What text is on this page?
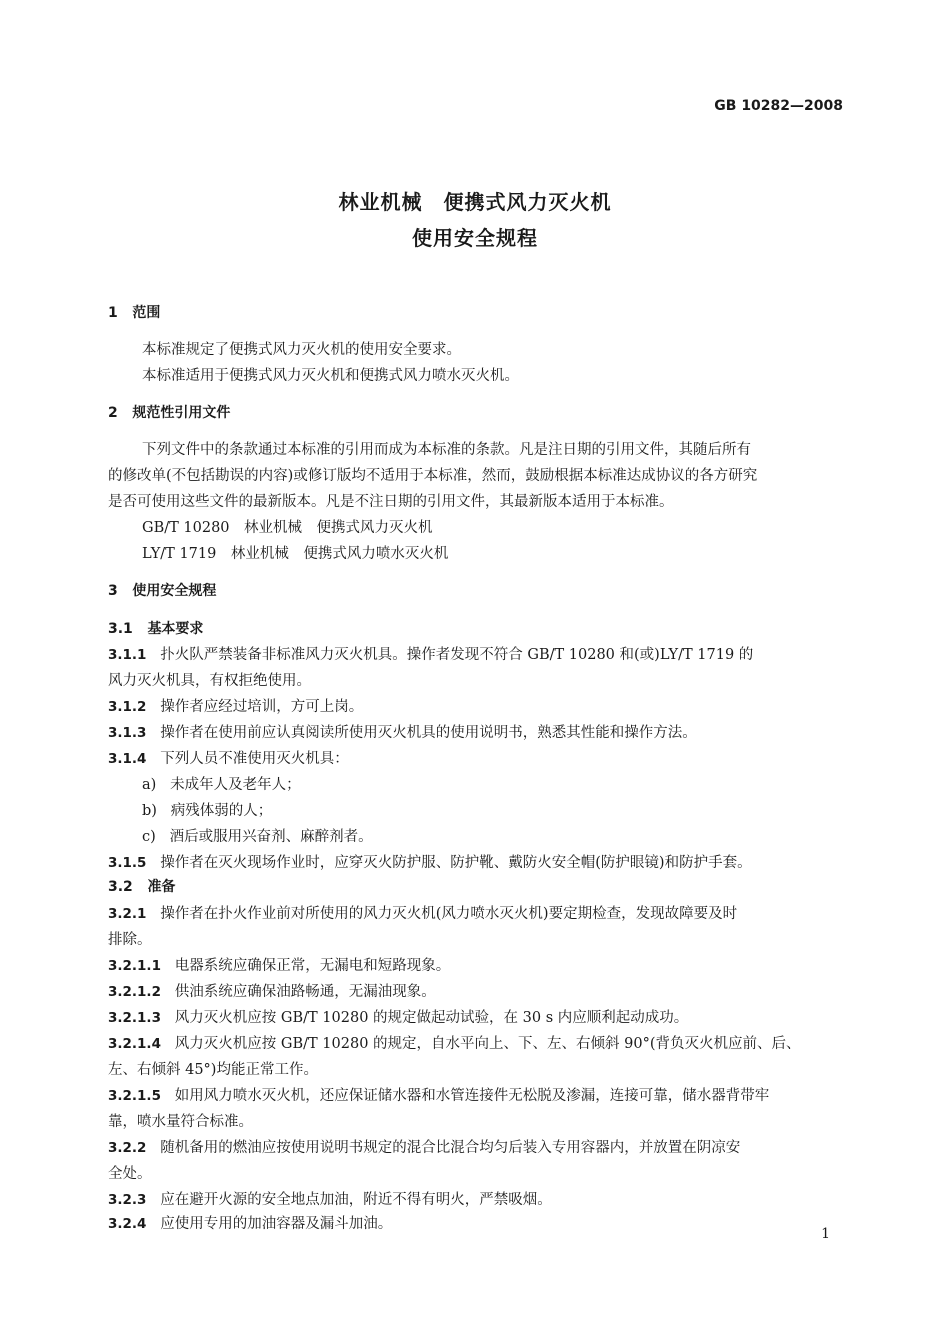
GB 10282—2008
林业机械　便携式风力灭火机
使用安全规程
1 范围
本标准规定了便携式风力灭火机的使用安全要求。
本标准适用于便携式风力灭火机和便携式风力喷水灭火机。
2 规范性引用文件
下列文件中的条款通过本标准的引用而成为本标准的条款。凡是注日期的引用文件，其随后所有
的修改单(不包括勘误的内容)或修订版均不适用于本标准，然而，鼓励根据本标准达成协议的各方研究
是否可使用这些文件的最新版本。凡是不注日期的引用文件，其最新版本适用于本标准。
GB/T 10280　林业机械　便携式风力灭火机
LY/T 1719　林业机械　便携式风力喷水灭火机
3 使用安全规程
3.1 基本要求
3.1.1 扑火队严禁装备非标准风力灭火机具。操作者发现不符合 GB/T 10280 和(或)LY/T 1719 的
风力灭火机具，有权拒绝使用。
3.1.2 操作者应经过培训，方可上岗。
3.1.3 操作者在使用前应认真阅读所使用灭火机具的使用说明书，熟悉其性能和操作方法。
3.1.4 下列人员不准使用灭火机具：
a) 未成年人及老年人；
b) 病残体弱的人；
c) 酒后或服用兴奋剂、麻醉剂者。
3.1.5 操作者在灭火现场作业时，应穿灭火防护服、防护靴、戴防火安全帽(防护眼镜)和防护手套。
3.2 准备
3.2.1 操作者在扑火作业前对所使用的风力灭火机(风力喷水灭火机)要定期检查，发现故障要及时
排除。
3.2.1.1 电器系统应确保正常，无漏电和短路现象。
3.2.1.2 供油系统应确保油路畅通，无漏油现象。
3.2.1.3 风力灭火机应按 GB/T 10280 的规定做起动试验，在 30 s 内应顺利起动成功。
3.2.1.4 风力灭火机应按 GB/T 10280 的规定，自水平向上、下、左、右倾斜 90°(背负灭火机应前、后、
左、右倾斜 45°)均能正常工作。
3.2.1.5 如用风力喷水灭火机，还应保证储水器和水管连接件无松脱及渗漏，连接可靠，储水器背带牢
靠，喷水量符合标准。
3.2.2 随机备用的燃油应按使用说明书规定的混合比混合均匀后装入专用容器内，并放置在阴凉安
全处。
3.2.3 应在避开火源的安全地点加油，附近不得有明火，严禁吸烟。
3.2.4 应使用专用的加油容器及漏斗加油。
1
